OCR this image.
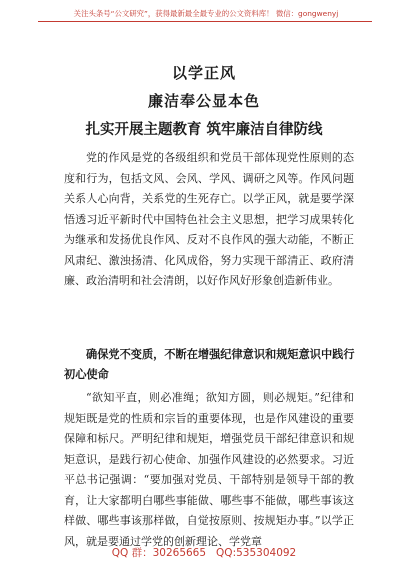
关注头条号“公文研究”，获得最新最全最专业的公文资料库！ 微信：gongwenyj
以学正风
廉洁奉公显本色
扎实开展主题教育 筑牢廉洁自律防线
党的作风是党的各级组织和党员干部体现党性原则的态度和行为，包括文风、会风、学风、调研之风等。作风问题关系人心向背，关系党的生死存亡。以学正风，就是要学深悟透习近平新时代中国特色社会主义思想，把学习成果转化为继承和发扬优良作风、反对不良作风的强大动能，不断正风肃纪、激浊扬清、化风成俗，努力实现干部清正、政府清廉、政治清明和社会清朗，以好作风好形象创造新伟业。
确保党不变质，不断在增强纪律意识和规矩意识中践行初心使命
“欲知平直，则必准绳；欲知方圆，则必规矩。”纪律和规矩既是党的性质和宗旨的重要体现，也是作风建设的重要保障和标尺。严明纪律和规矩，增强党员干部纪律意识和规矩意识，是践行初心使命、加强作风建设的必然要求。习近平总书记强调：“要加强对党员、干部特别是领导干部的教育，让大家都明白哪些事能做、哪些事不能做，哪些事该这样做、哪些事该那样做，自觉按原则、按规矩办事。”以学正风，就是要通过学党的创新理论、学党章
QQ 群：30265665 QQ:535304092
